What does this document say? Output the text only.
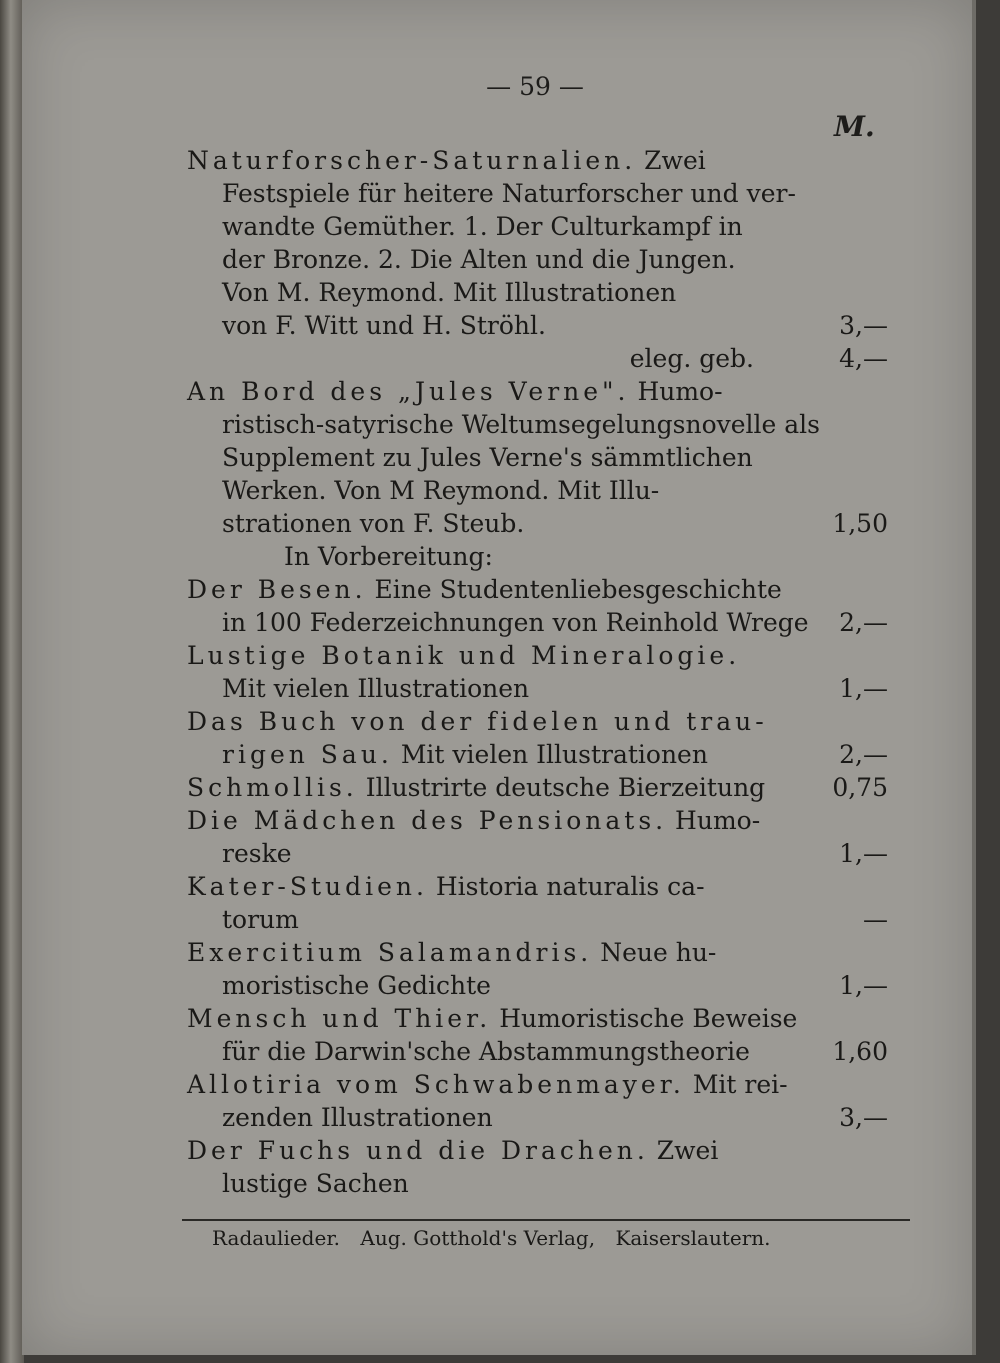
— 59 —
M.
Naturforscher-Saturnalien. Zwei
Festspiele für heitere Naturforscher und ver-
wandte Gemüther. 1. Der Culturkampf in
der Bronze. 2. Die Alten und die Jungen.
Von M. Reymond. Mit Illustrationen
von F. Witt und H. Ströhl.	3,—
eleg. geb.	4,—
An Bord des „Jules Verne". Humo-
ristisch-satyrische Weltumsegelungsnovelle als
Supplement zu Jules Verne's sämmtlichen
Werken. Von M Reymond. Mit Illu-
strationen von F. Steub.	1,50
In Vorbereitung:
Der Besen. Eine Studentenliebesgeschichte
in 100 Federzeichnungen von Reinhold Wrege	2,—
Lustige Botanik und Mineralogie.
Mit vielen Illustrationen	1,—
Das Buch von der fidelen und trau-
rigen Sau. Mit vielen Illustrationen	2,—
Schmollis. Illustrirte deutsche Bierzeitung	0,75
Die Mädchen des Pensionats. Humo-
reske	1,—
Kater-Studien. Historia naturalis ca-
torum	—
Exercitium Salamandris. Neue hu-
moristische Gedichte	1,—
Mensch und Thier. Humoristische Beweise
für die Darwin'sche Abstammungstheorie	1,60
Allotiria vom Schwabenmayer. Mit rei-
zenden Illustrationen	3,—
Der Fuchs und die Drachen. Zwei
lustige Sachen
Radaulieder. Aug. Gotthold's Verlag, Kaiserslautern.
